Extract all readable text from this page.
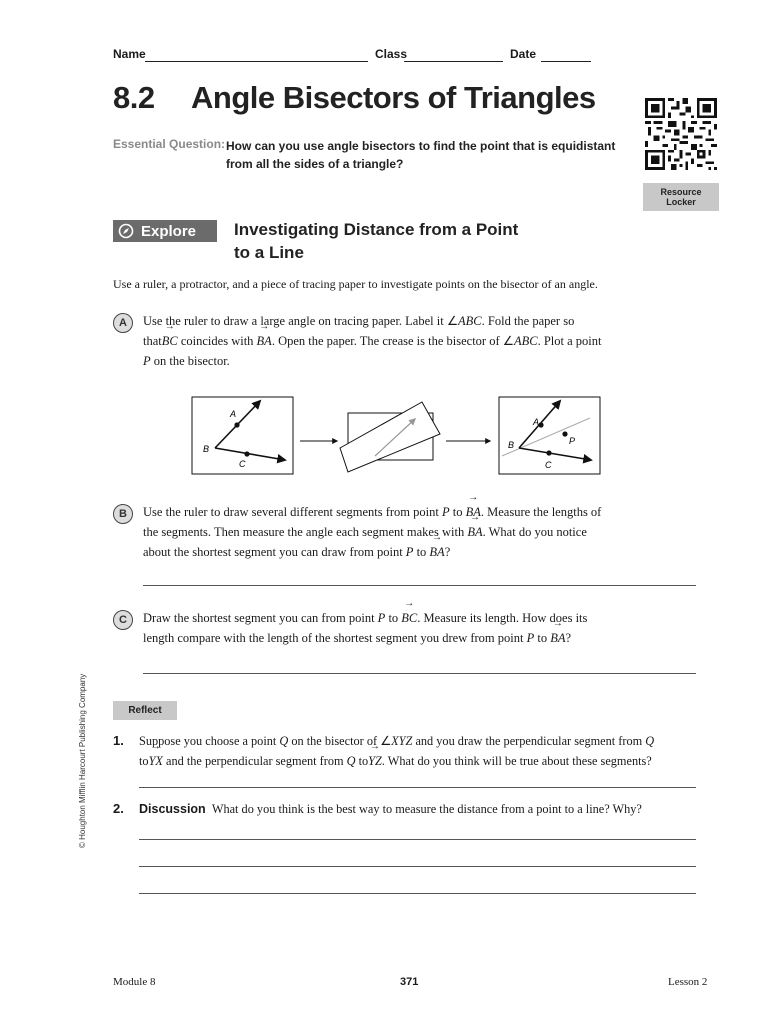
Name	Class	Date
8.2 Angle Bisectors of Triangles
Essential Question: How can you use angle bisectors to find the point that is equidistant
from all the sides of a triangle?
Resource
Locker
Explore Investigating Distance from a Point
to a Line
Use a ruler, a protractor, and a piece of tracing paper to investigate points on the bisector of an angle.
A	Use the ruler to draw a large angle on tracing paper. Label it ∠ABC. Fold the paper so
that→ BC coincides with → BA. Open the paper. The crease is the bisector of ∠ABC. Plot a point
P on the bisector.
A
B
C
A
B
C
P
B	Use the ruler to draw several different segments from point P to → BA. Measure the lengths of
the segments. Then measure the angle each segment makes with → BA. What do you notice
about the shortest segment you can draw from point P to → BA?
C	Draw the shortest segment you can from point P to → BC. Measure its length. How does its
length compare with the length of the shortest segment you drew from point P to → BA?
Reflect
1. Suppose you choose a point Q on the bisector of ∠XYZ and you draw the perpendicular segment from Q
to→ YX and the perpendicular segment from Q to→ YZ. What do you think will be true about these segments?
2. Discussion What do you think is the best way to measure the distance from a point to a line? Why?
© Houghton Mifflin Harcourt Publishing Company
Module 8	371	Lesson 2
